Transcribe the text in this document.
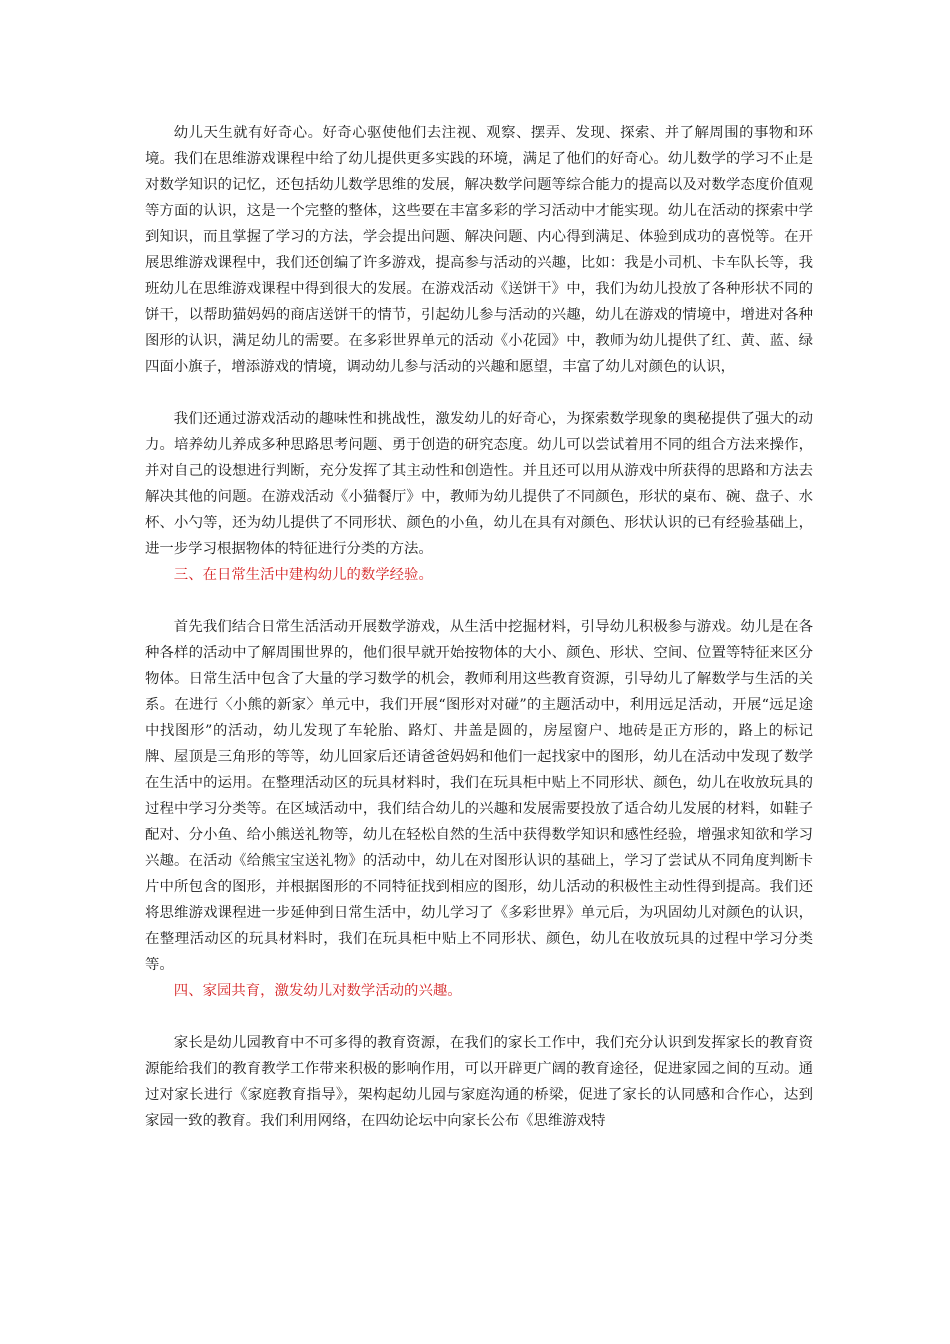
幼儿天生就有好奇心。好奇心驱使他们去注视、观察、摆弄、发现、探索、并了解周围的事物和环境。我们在思维游戏课程中给了幼儿提供更多实践的环境，满足了他们的好奇心。幼儿数学的学习不止是对数学知识的记忆，还包括幼儿数学思维的发展，解决数学问题等综合能力的提高以及对数学态度价值观等方面的认识，这是一个完整的整体，这些要在丰富多彩的学习活动中才能实现。幼儿在活动的探索中学到知识，而且掌握了学习的方法，学会提出问题、解决问题、内心得到满足、体验到成功的喜悦等。在开展思维游戏课程中，我们还创编了许多游戏，提高参与活动的兴趣，比如：我是小司机、卡车队长等，我班幼儿在思维游戏课程中得到很大的发展。在游戏活动《送饼干》中，我们为幼儿投放了各种形状不同的饼干，以帮助猫妈妈的商店送饼干的情节，引起幼儿参与活动的兴趣，幼儿在游戏的情境中，增进对各种图形的认识，满足幼儿的需要。在多彩世界单元的活动《小花园》中，教师为幼儿提供了红、黄、蓝、绿四面小旗子，增添游戏的情境，调动幼儿参与活动的兴趣和愿望，丰富了幼儿对颜色的认识，

我们还通过游戏活动的趣味性和挑战性，激发幼儿的好奇心，为探索数学现象的奥秘提供了强大的动力。培养幼儿养成多种思路思考问题、勇于创造的研究态度。幼儿可以尝试着用不同的组合方法来操作，并对自己的设想进行判断，充分发挥了其主动性和创造性。并且还可以用从游戏中所获得的思路和方法去解决其他的问题。在游戏活动《小猫餐厅》中，教师为幼儿提供了不同颜色，形状的桌布、碗、盘子、水杯、小勺等，还为幼儿提供了不同形状、颜色的小鱼，幼儿在具有对颜色、形状认识的已有经验基础上，进一步学习根据物体的特征进行分类的方法。

三、在日常生活中建构幼儿的数学经验。

首先我们结合日常生活活动开展数学游戏，从生活中挖掘材料，引导幼儿积极参与游戏。幼儿是在各种各样的活动中了解周围世界的，他们很早就开始按物体的大小、颜色、形状、空间、位置等特征来区分物体。日常生活中包含了大量的学习数学的机会，教师利用这些教育资源，引导幼儿了解数学与生活的关系。在进行〈小熊的新家〉单元中，我们开展“图形对对碰”的主题活动中，利用远足活动，开展“远足途中找图形”的活动，幼儿发现了车轮胎、路灯、井盖是圆的，房屋窗户、地砖是正方形的，路上的标记牌、屋顶是三角形的等等，幼儿回家后还请爸爸妈妈和他们一起找家中的图形，幼儿在活动中发现了数学在生活中的运用。在整理活动区的玩具材料时，我们在玩具柜中贴上不同形状、颜色，幼儿在收放玩具的过程中学习分类等。在区域活动中，我们结合幼儿的兴趣和发展需要投放了适合幼儿发展的材料，如鞋子配对、分小鱼、给小熊送礼物等，幼儿在轻松自然的生活中获得数学知识和感性经验，增强求知欲和学习兴趣。在活动《给熊宝宝送礼物》的活动中，幼儿在对图形认识的基础上，学习了尝试从不同角度判断卡片中所包含的图形，并根据图形的不同特征找到相应的图形，幼儿活动的积极性主动性得到提高。我们还将思维游戏课程进一步延伸到日常生活中，幼儿学习了《多彩世界》单元后，为巩固幼儿对颜色的认识，在整理活动区的玩具材料时，我们在玩具柜中贴上不同形状、颜色，幼儿在收放玩具的过程中学习分类等。

四、家园共育，激发幼儿对数学活动的兴趣。

家长是幼儿园教育中不可多得的教育资源，在我们的家长工作中，我们充分认识到发挥家长的教育资源能给我们的教育教学工作带来积极的影响作用，可以开辟更广阔的教育途径，促进家园之间的互动。通过对家长进行《家庭教育指导》，架构起幼儿园与家庭沟通的桥梁，促进了家长的认同感和合作心，达到家园一致的教育。我们利用网络，在四幼论坛中向家长公布《思维游戏特
